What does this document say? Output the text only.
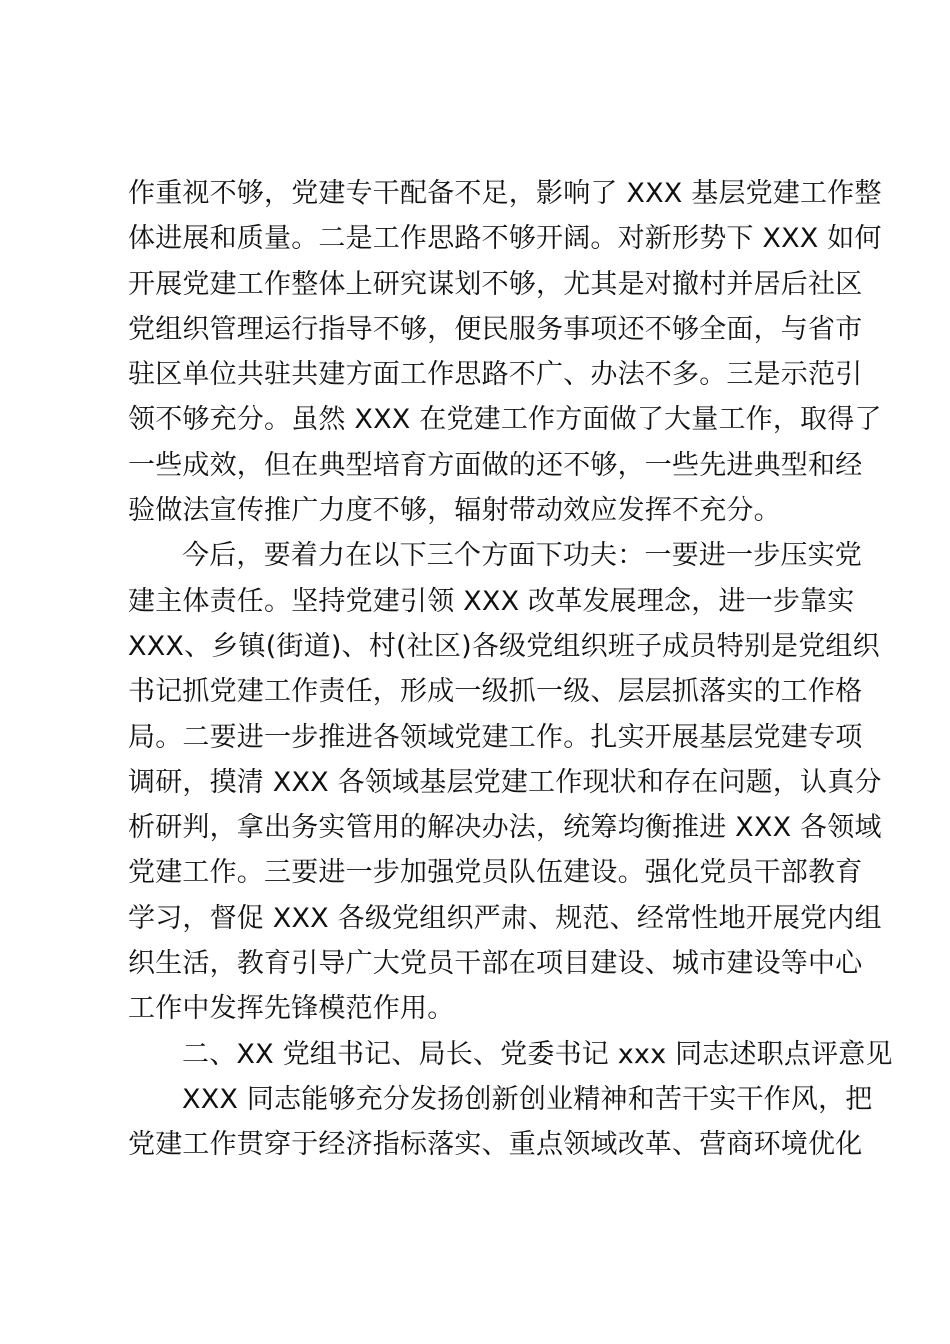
作重视不够，党建专干配备不足，影响了 XXX 基层党建工作整
体进展和质量。二是工作思路不够开阔。对新形势下 XXX 如何
开展党建工作整体上研究谋划不够，尤其是对撤村并居后社区
党组织管理运行指导不够，便民服务事项还不够全面，与省市
驻区单位共驻共建方面工作思路不广、办法不多。三是示范引
领不够充分。虽然 XXX 在党建工作方面做了大量工作，取得了
一些成效，但在典型培育方面做的还不够，一些先进典型和经
验做法宣传推广力度不够，辐射带动效应发挥不充分。
今后，要着力在以下三个方面下功夫：一要进一步压实党
建主体责任。坚持党建引领 XXX 改革发展理念，进一步靠实
XXX、乡镇(街道)、村(社区)各级党组织班子成员特别是党组织
书记抓党建工作责任，形成一级抓一级、层层抓落实的工作格
局。二要进一步推进各领域党建工作。扎实开展基层党建专项
调研，摸清 XXX 各领域基层党建工作现状和存在问题，认真分
析研判，拿出务实管用的解决办法，统筹均衡推进 XXX 各领域
党建工作。三要进一步加强党员队伍建设。强化党员干部教育
学习，督促 XXX 各级党组织严肃、规范、经常性地开展党内组
织生活，教育引导广大党员干部在项目建设、城市建设等中心
工作中发挥先锋模范作用。
二、XX 党组书记、局长、党委书记 xxx 同志述职点评意见
XXX 同志能够充分发扬创新创业精神和苦干实干作风，把
党建工作贯穿于经济指标落实、重点领域改革、营商环境优化
